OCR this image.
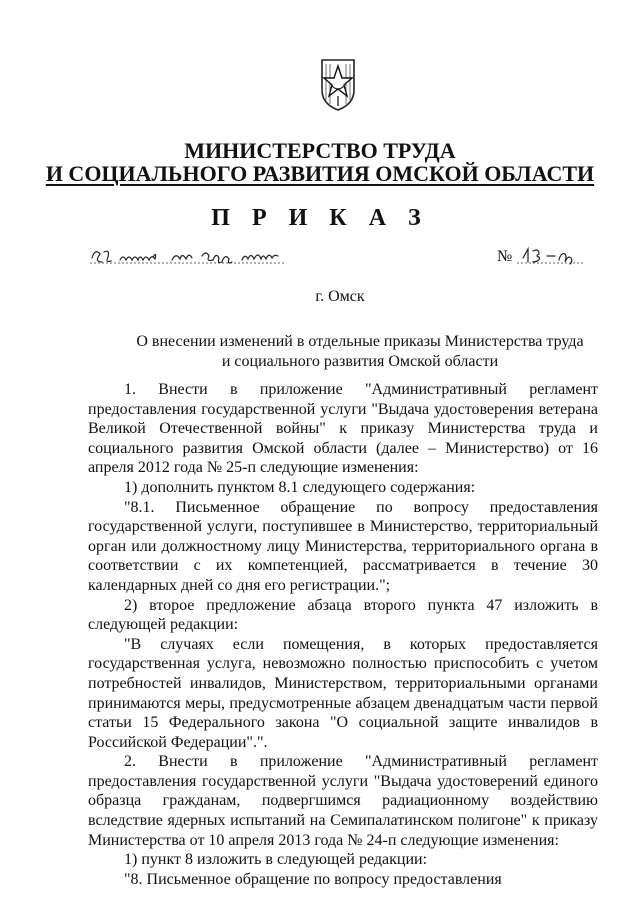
МИНИСТЕРСТВО ТРУДА
И СОЦИАЛЬНОГО РАЗВИТИЯ ОМСКОЙ ОБЛАСТИ
П Р И К А З
№
г. Омск
О внесении изменений в отдельные приказы Министерства труда
и социального развития Омской области

1. Внести в приложение "Административный регламент предоставления государственной услуги "Выдача удостоверения ветерана Великой Отечественной войны" к приказу Министерства труда и социального развития Омской области (далее – Министерство) от 16 апреля 2012 года № 25-п следующие изменения:

1) дополнить пунктом 8.1 следующего содержания:

"8.1. Письменное обращение по вопросу предоставления государственной услуги, поступившее в Министерство, территориальный орган или должностному лицу Министерства, территориального органа в соответствии с их компетенцией, рассматривается в течение 30 календарных дней со дня его регистрации.";

2) второе предложение абзаца второго пункта 47 изложить в следующей редакции:

"В случаях если помещения, в которых предоставляется государственная услуга, невозможно полностью приспособить с учетом потребностей инвалидов, Министерством, территориальными органами принимаются меры, предусмотренные абзацем двенадцатым части первой статьи 15 Федерального закона "О социальной защите инвалидов в Российской Федерации".".

2. Внести в приложение "Административный регламент предоставления государственной услуги "Выдача удостоверений единого образца гражданам, подвергшимся радиационному воздействию вследствие ядерных испытаний на Семипалатинском полигоне" к приказу Министерства от 10 апреля 2013 года № 24-п следующие изменения:

1) пункт 8 изложить в следующей редакции:

"8. Письменное обращение по вопросу предоставления
